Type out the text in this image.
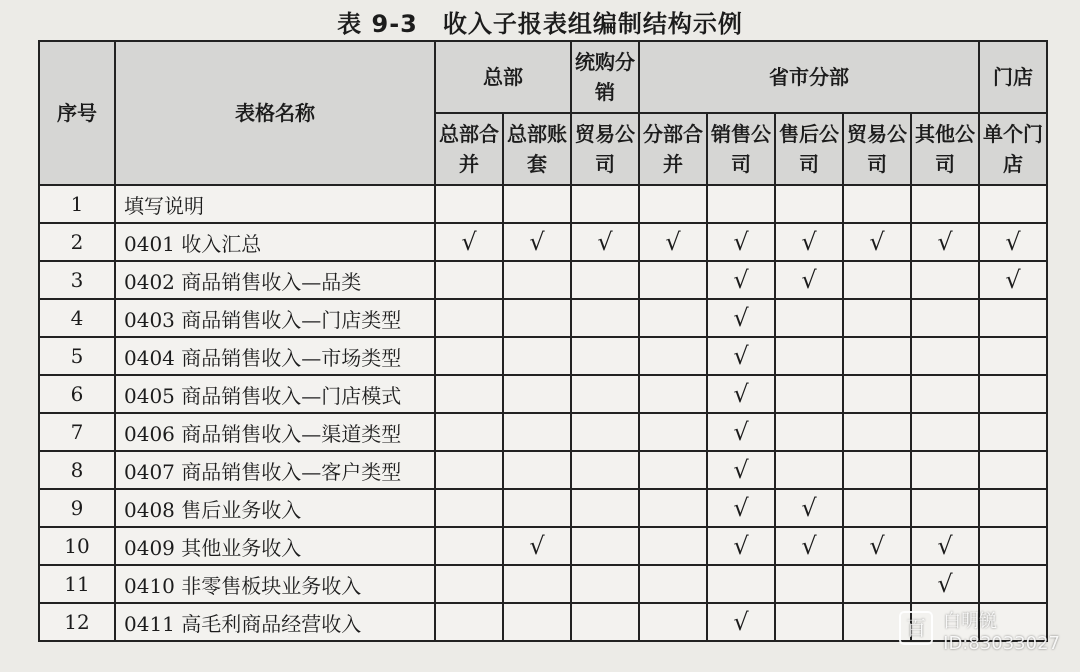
表 9-3　收入子报表组编制结构示例
序号	表格名称	总部		统购分销	省市分部					门店
		总部合并	总部账套	贸易公司	分部合并	销售公司	售后公司	贸易公司	其他公司	单个门店
1	填写说明									
2	0401 收入汇总	√	√	√	√	√	√	√	√	√
3	0402 商品销售收入—品类					√	√			√
4	0403 商品销售收入—门店类型					√				
5	0404 商品销售收入—市场类型					√				
6	0405 商品销售收入—门店模式					√				
7	0406 商品销售收入—渠道类型					√				
8	0407 商品销售收入—客户类型					√				
9	0408 售后业务收入					√	√			
10	0409 其他业务收入		√			√	√	√	√	
11	0410 非零售板块业务收入								√	
12	0411 高毛利商品经营收入					√					百 白明锐
ID:83033027
